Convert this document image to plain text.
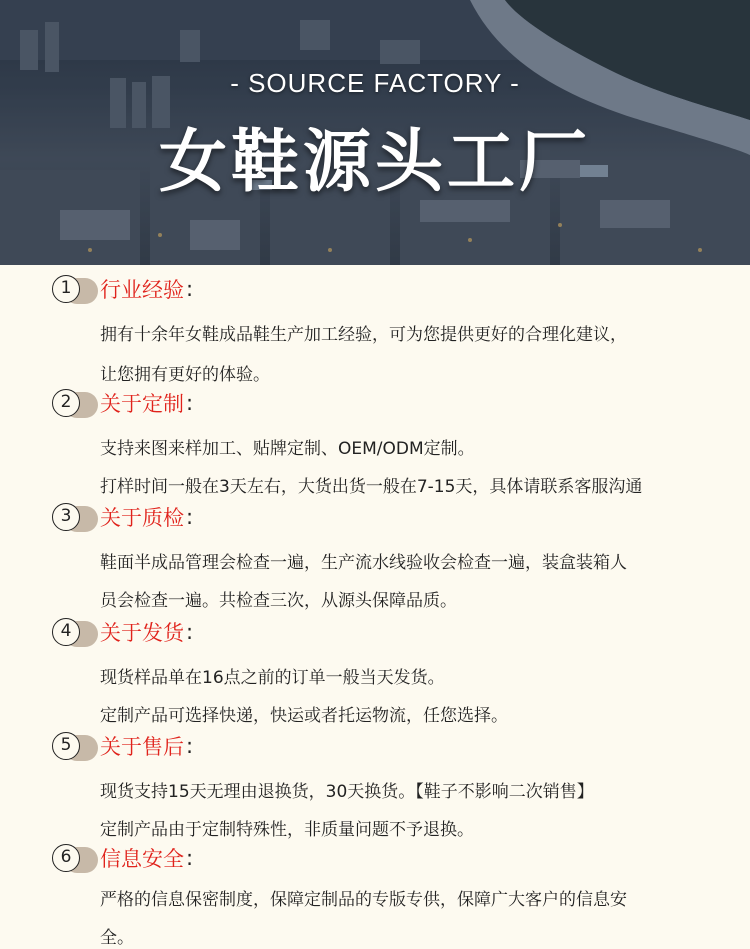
- SOURCE FACTORY -
女鞋源头工厂
1	行业经验 :
拥有十余年女鞋成品鞋生产加工经验，可为您提供更好的合理化建议，
让您拥有更好的体验。
2	关于定制 :
支持来图来样加工、贴牌定制、OEM/ODM定制。
打样时间一般在3天左右，大货出货一般在7-15天，具体请联系客服沟通
3	关于质检 :
鞋面半成品管理会检查一遍，生产流水线验收会检查一遍，装盒装箱人
员会检查一遍。共检查三次，从源头保障品质。
4	关于发货 :
现货样品单在16点之前的订单一般当天发货。
定制产品可选择快递，快运或者托运物流，任您选择。
5	关于售后 :
现货支持15天无理由退换货，30天换货。【鞋子不影响二次销售】
定制产品由于定制特殊性，非质量问题不予退换。
6	信息安全 :
严格的信息保密制度，保障定制品的专版专供，保障广大客户的信息安
全。
